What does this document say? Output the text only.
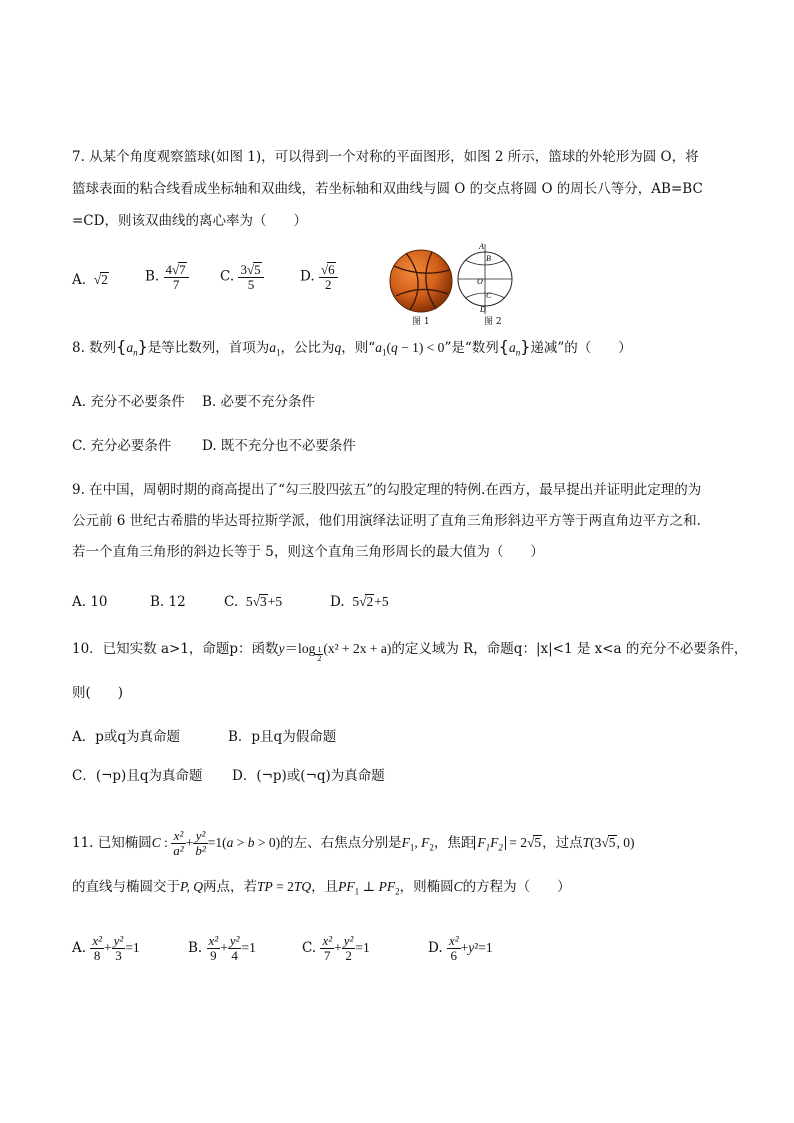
7. 从某个角度观察篮球(如图 1)，可以得到一个对称的平面图形，如图 2 所示，篮球的外轮形为圆 O，将
篮球表面的粘合线看成坐标轴和双曲线，若坐标轴和双曲线与圆 O 的交点将圆 O 的周长八等分，AB=BC
=CD，则该双曲线的离心率为（　　）
A.  √2	B. $\frac{4√7}{7} C$. $\frac{3√5}{5}$	D. $\frac{√6}{2}$
图 1
A
B
O
C
D
图 2
8. 数列$\{a_n\}$是等比数列，首项为$a_1$，公比为q，则“$a_1(q - 1) < 0$”是“数列$\{a_n\}$递减”的（　　）
A. 充分不必要条件 B. 必要不充分条件
C. 充分必要条件 D. 既不充分也不必要条件
9. 在中国，周朝时期的商高提出了“勾三股四弦五”的勾股定理的特例.在西方，最早提出并证明此定理的为
公元前 6 世纪古希腊的毕达哥拉斯学派，他们用演绎法证明了直角三角形斜边平方等于两直角边平方之和.
若一个直角三角形的斜边长等于 5，则这个直角三角形周长的最大值为（　　）
A. 10	B. 12	C.  5√3+5	D.  5√2+5
10．已知实数 a>1，命题p：函数$y=\log \frac{1}{2} (x^2 + 2x + a)$的定义域为 R，命题q：|x|<1 是 x<a 的充分不必要条件，
则(　　)
A．p或q为真命题	B．p且q为假命题
C．(¬p)且q为真命题 D．(¬p)或(¬q)为真命题
11. 已知椭圆C : $\frac{\text{x²}}{\text{a²}} + \frac{\text{y²}}{\text{b²}} =1(a > b > 0)$的左、右焦点分别是$F_1$, $F_2$，焦距 $F_1F_2 = 2√5$，过点T(3√5, 0)
的直线与椭圆交于P, Q两点，若TP = 2TQ，且$PF_1$ ⊥ $PF_2$，则椭圆C的方程为（　　）
A. $\frac{\text{x²}}{8} + \frac{\text{y²}}{3} =1$	B. $\frac{\text{x²}}{9} + \frac{\text{y²}}{4} =1$	C. $\frac{\text{x²}}{7} + \frac{\text{y²}}{2} =1$	D. $\frac{\text{x²}}{6} +y^2=1$
